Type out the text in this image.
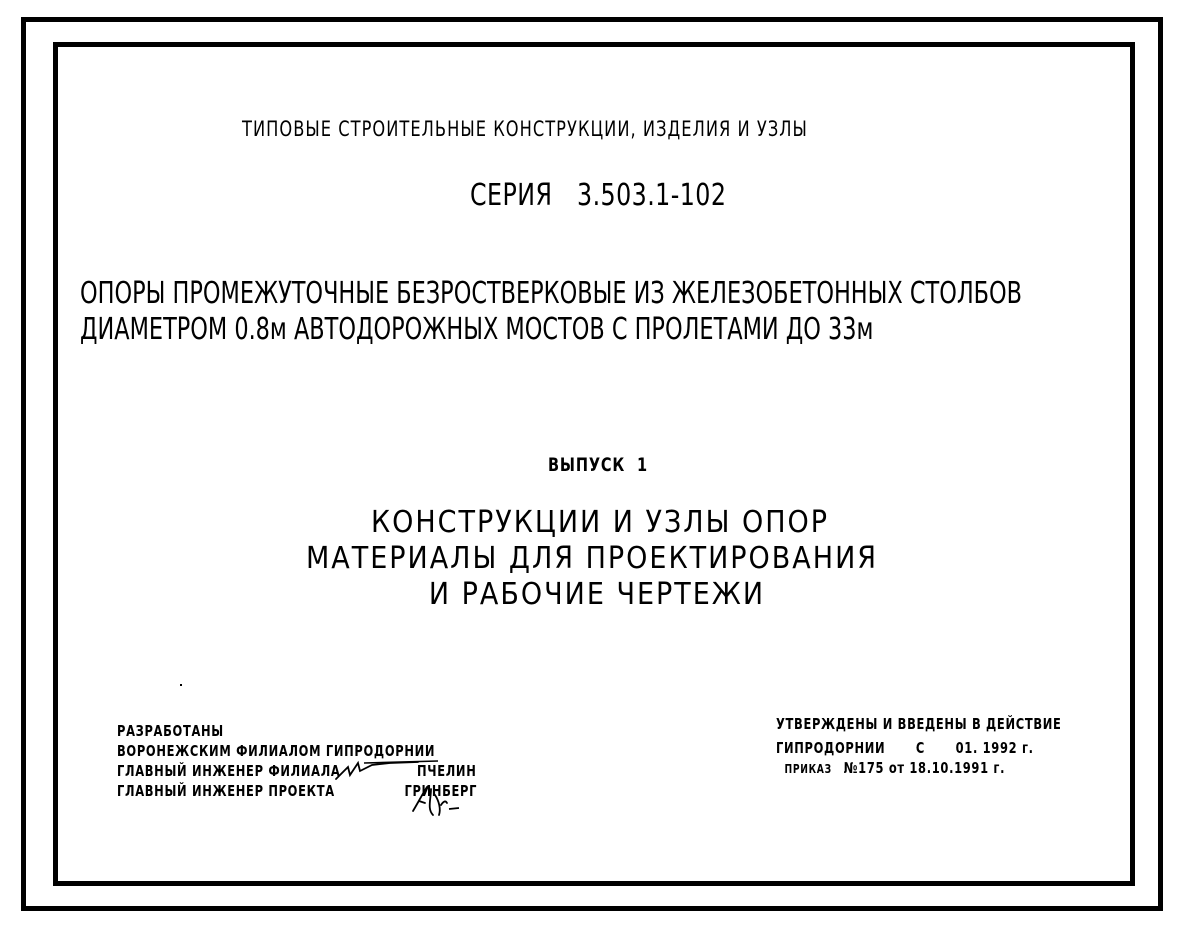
ТИПОВЫЕ СТРОИТЕЛЬНЫЕ КОНСТРУКЦИИ, ИЗДЕЛИЯ И УЗЛЫ
СЕРИЯ 3.503.1-102
ОПОРЫ ПРОМЕЖУТОЧНЫЕ БЕЗРОСТВЕРКОВЫЕ ИЗ ЖЕЛЕЗОБЕТОННЫХ СТОЛБОВ
ДИАМЕТРОМ 0.8м АВТОДОРОЖНЫХ МОСТОВ С ПРОЛЕТАМИ ДО 33м
ВЫПУСК 1
КОНСТРУКЦИИ И УЗЛЫ ОПОР
МАТЕРИАЛЫ ДЛЯ ПРОЕКТИРОВАНИЯ
И РАБОЧИЕ ЧЕРТЕЖИ
РАЗРАБОТАНЫ
ВОРОНЕЖСКИМ ФИЛИАЛОМ ГИПРОДОРНИИ
ГЛАВНЫЙ ИНЖЕНЕР ФИЛИАЛА	ПЧЕЛИН
ГЛАВНЫЙ ИНЖЕНЕР ПРОЕКТА	ГРИНБЕРГ
УТВЕРЖДЕНЫ И ВВЕДЕНЫ В ДЕЙСТВИЕ
ГИПРОДОРНИИ С 01. 1992 г.
ПРИКАЗ №175 от 18.10.1991 г.
